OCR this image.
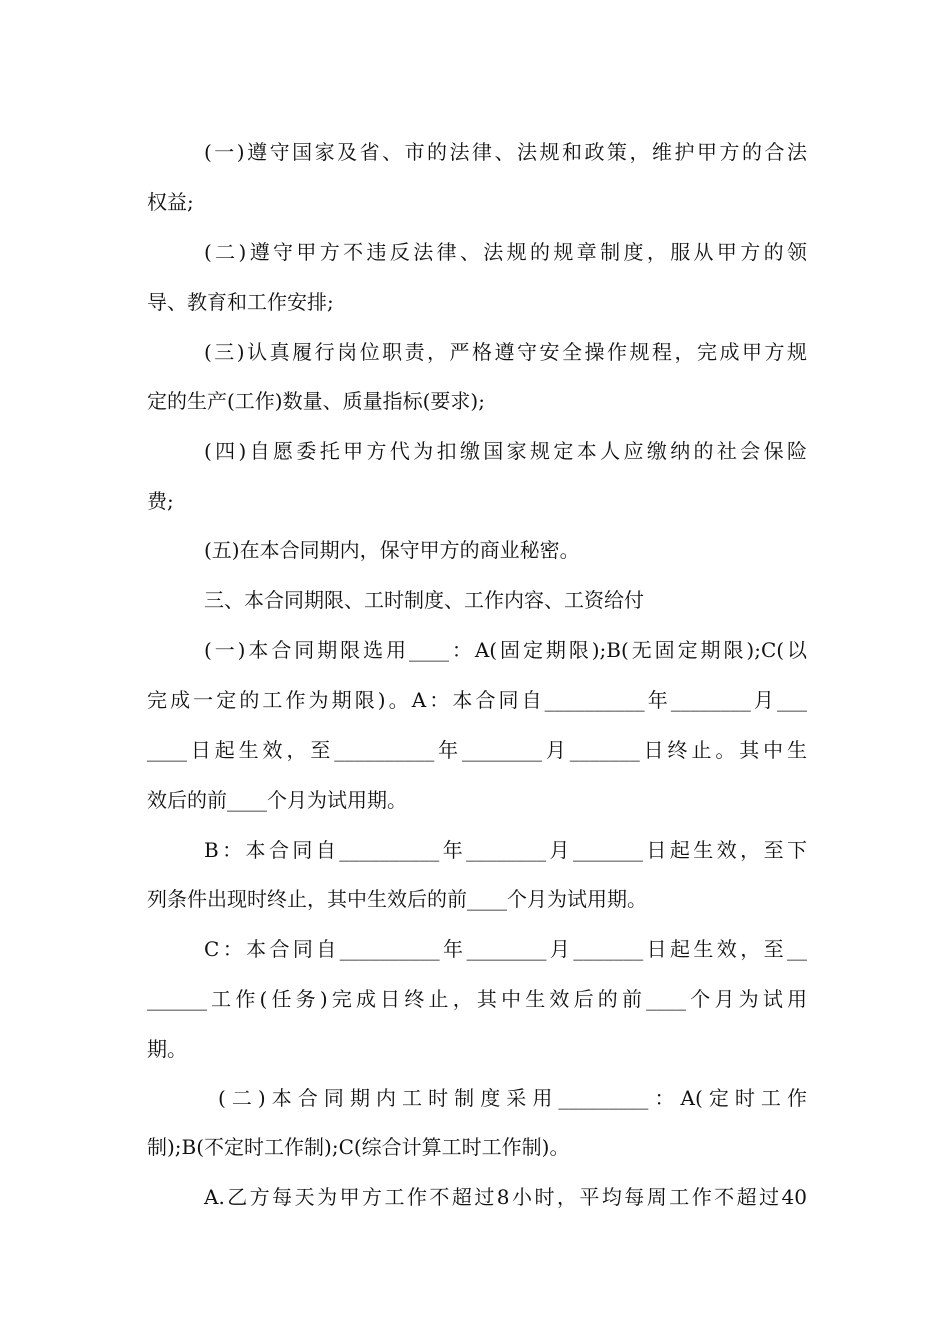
(一)遵守国家及省、市的法律、法规和政策，维护甲方的合法
权益;
(二)遵守甲方不违反法律、法规的规章制度，服从甲方的领
导、教育和工作安排;
(三)认真履行岗位职责，严格遵守安全操作规程，完成甲方规
定的生产(工作)数量、质量指标(要求);
(四)自愿委托甲方代为扣缴国家规定本人应缴纳的社会保险
费;
(五)在本合同期内，保守甲方的商业秘密。
三、本合同期限、工时制度、工作内容、工资给付
(一)本合同期限选用____：A(固定期限);B(无固定期限);C(以
完成一定的工作为期限)。A：本合同自__________年________月___
____日起生效，至__________年________月_______日终止。其中生
效后的前____个月为试用期。
B：本合同自__________年________月_______日起生效，至下
列条件出现时终止，其中生效后的前____个月为试用期。
C：本合同自__________年________月_______日起生效，至__
______工作(任务)完成日终止，其中生效后的前____个月为试用
期。
(二)本合同期内工时制度采用_________：A(定时工作
制);B(不定时工作制);C(综合计算工时工作制)。
A.乙方每天为甲方工作不超过8小时，平均每周工作不超过40
